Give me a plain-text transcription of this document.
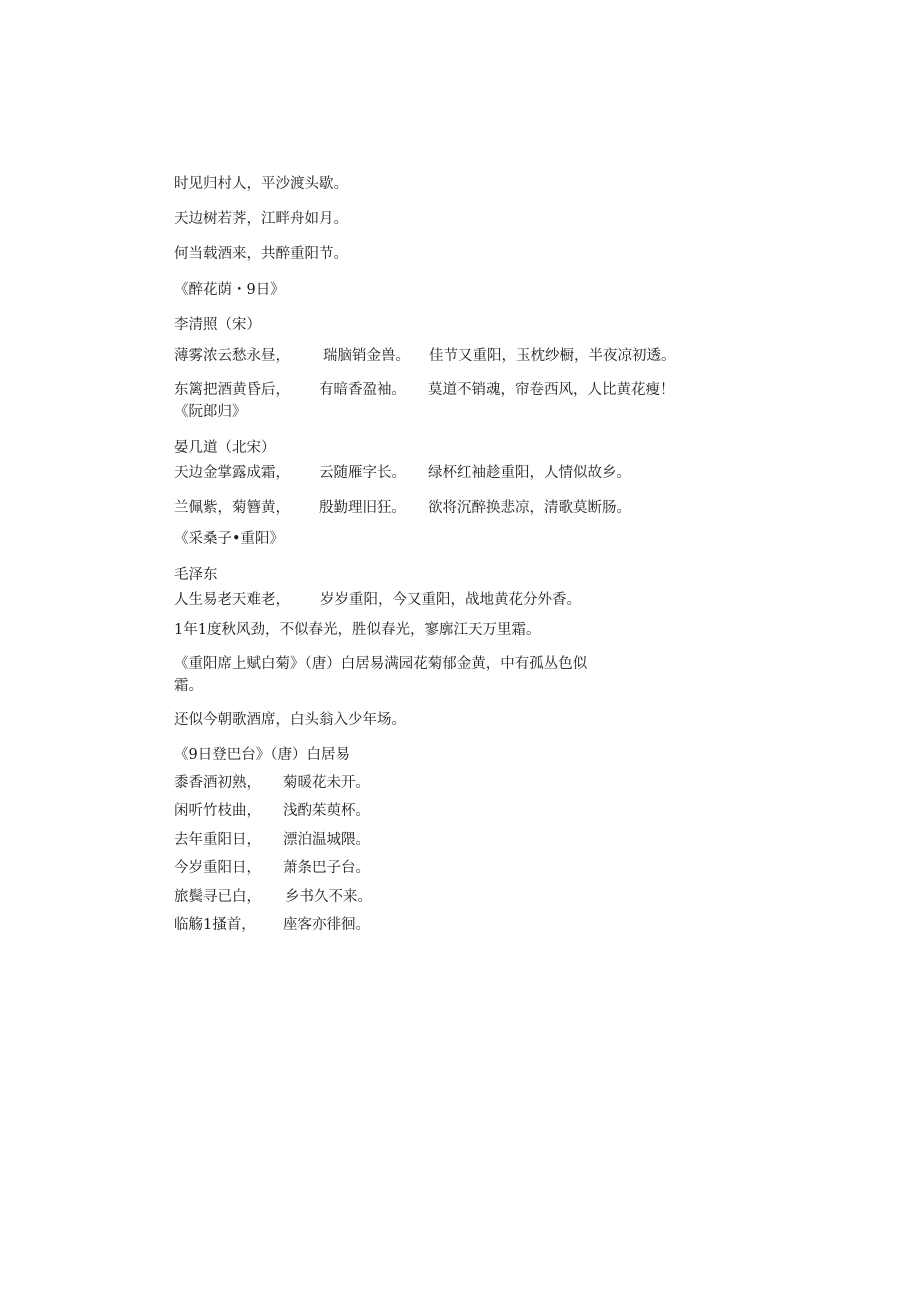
时见归村人，平沙渡头歇。
天边树若荠，江畔舟如月。
何当载酒来，共醉重阳节。
《醉花荫・9日》
李清照（宋）

薄雾浓云愁永昼，

瑞脑销金兽。

佳节又重阳，玉枕纱橱，半夜凉初透。

东篱把酒黄昏后，

有暗香盈袖。

莫道不销魂，帘卷西风，人比黄花瘦！

《阮郎归》
晏几道（北宋）

天边金掌露成霜，

云随雁字长。

绿杯红袖趁重阳，人情似故乡。

兰佩紫，菊簪黄，

殷勤理旧狂。

欲将沉醉换悲凉，清歌莫断肠。

《采桑子•重阳》
毛泽东

人生易老天难老，

岁岁重阳，今又重阳，战地黄花分外香。

1年1度秋风劲，不似春光，胜似春光，寥廓江天万里霜。
《重阳席上赋白菊》（唐）白居易满园花菊郁金黄，中有孤丛色似
霜。
还似今朝歌酒席，白头翁入少年场。
《9日登巴台》（唐）白居易

黍香酒初熟，

菊暖花未开。

闲听竹枝曲，

浅酌茱萸杯。

去年重阳日，

漂泊温城隈。

今岁重阳日，

萧条巴子台。

旅鬓寻已白，

乡书久不来。

临觞1搔首，

座客亦徘徊。
